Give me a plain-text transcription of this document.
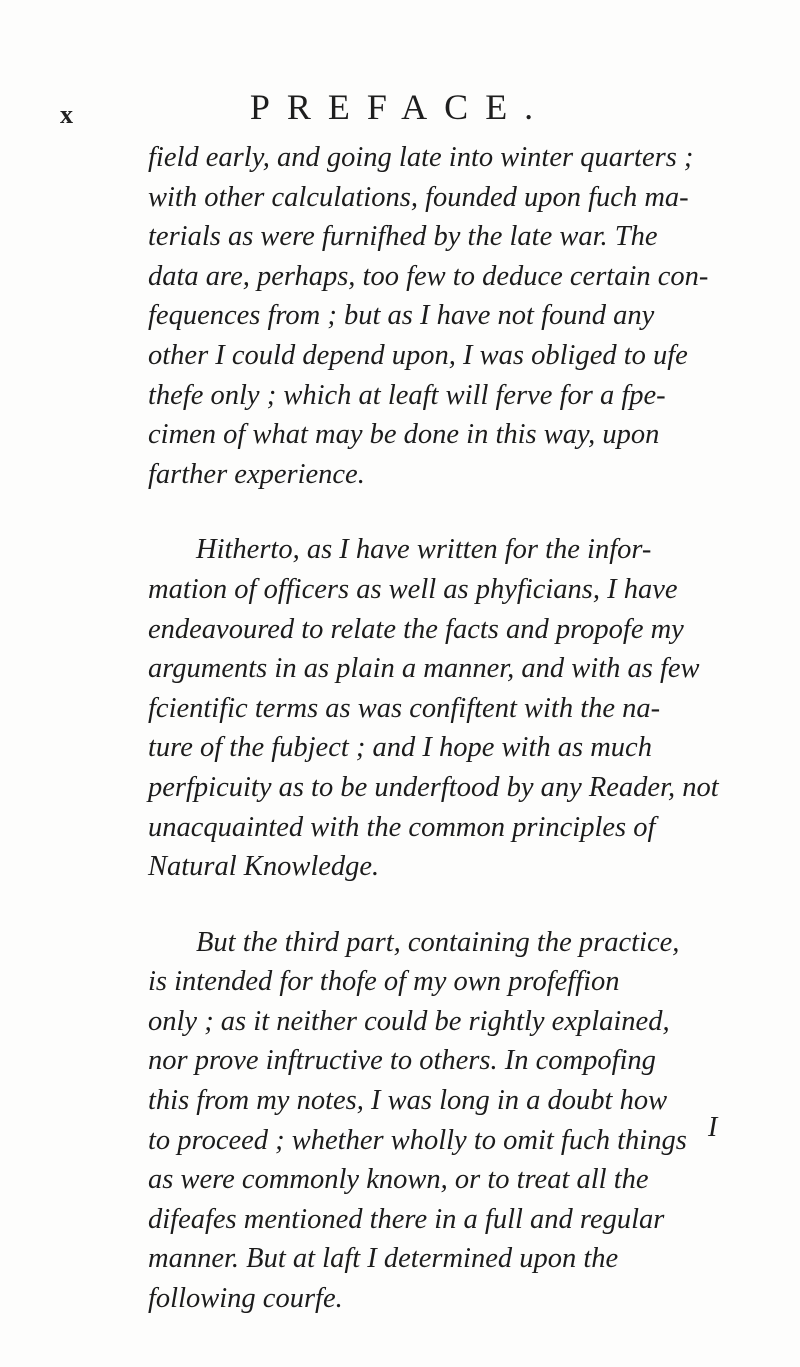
x	PREFACE.

field early, and going late into winter quarters ;
with other calculations, founded upon fuch ma-
terials as were furnifhed by the late war. The
data are, perhaps, too few to deduce certain con-
fequences from ; but as I have not found any
other I could depend upon, I was obliged to ufe
thefe only ; which at leaft will ferve for a fpe-
cimen of what may be done in this way, upon
farther experience.

Hitherto, as I have written for the infor-
mation of officers as well as phyficians, I have
endeavoured to relate the facts and propofe my
arguments in as plain a manner, and with as few
fcientific terms as was confiftent with the na-
ture of the fubject ; and I hope with as much
perfpicuity as to be underftood by any Reader, not
unacquainted with the common principles of
Natural Knowledge.

But the third part, containing the practice,
is intended for thofe of my own profeffion
only ; as it neither could be rightly explained,
nor prove inftructive to others. In compofing
this from my notes, I was long in a doubt how
to proceed ; whether wholly to omit fuch things
as were commonly known, or to treat all the
difeafes mentioned there in a full and regular
manner. But at laft I determined upon the
following courfe.

I
